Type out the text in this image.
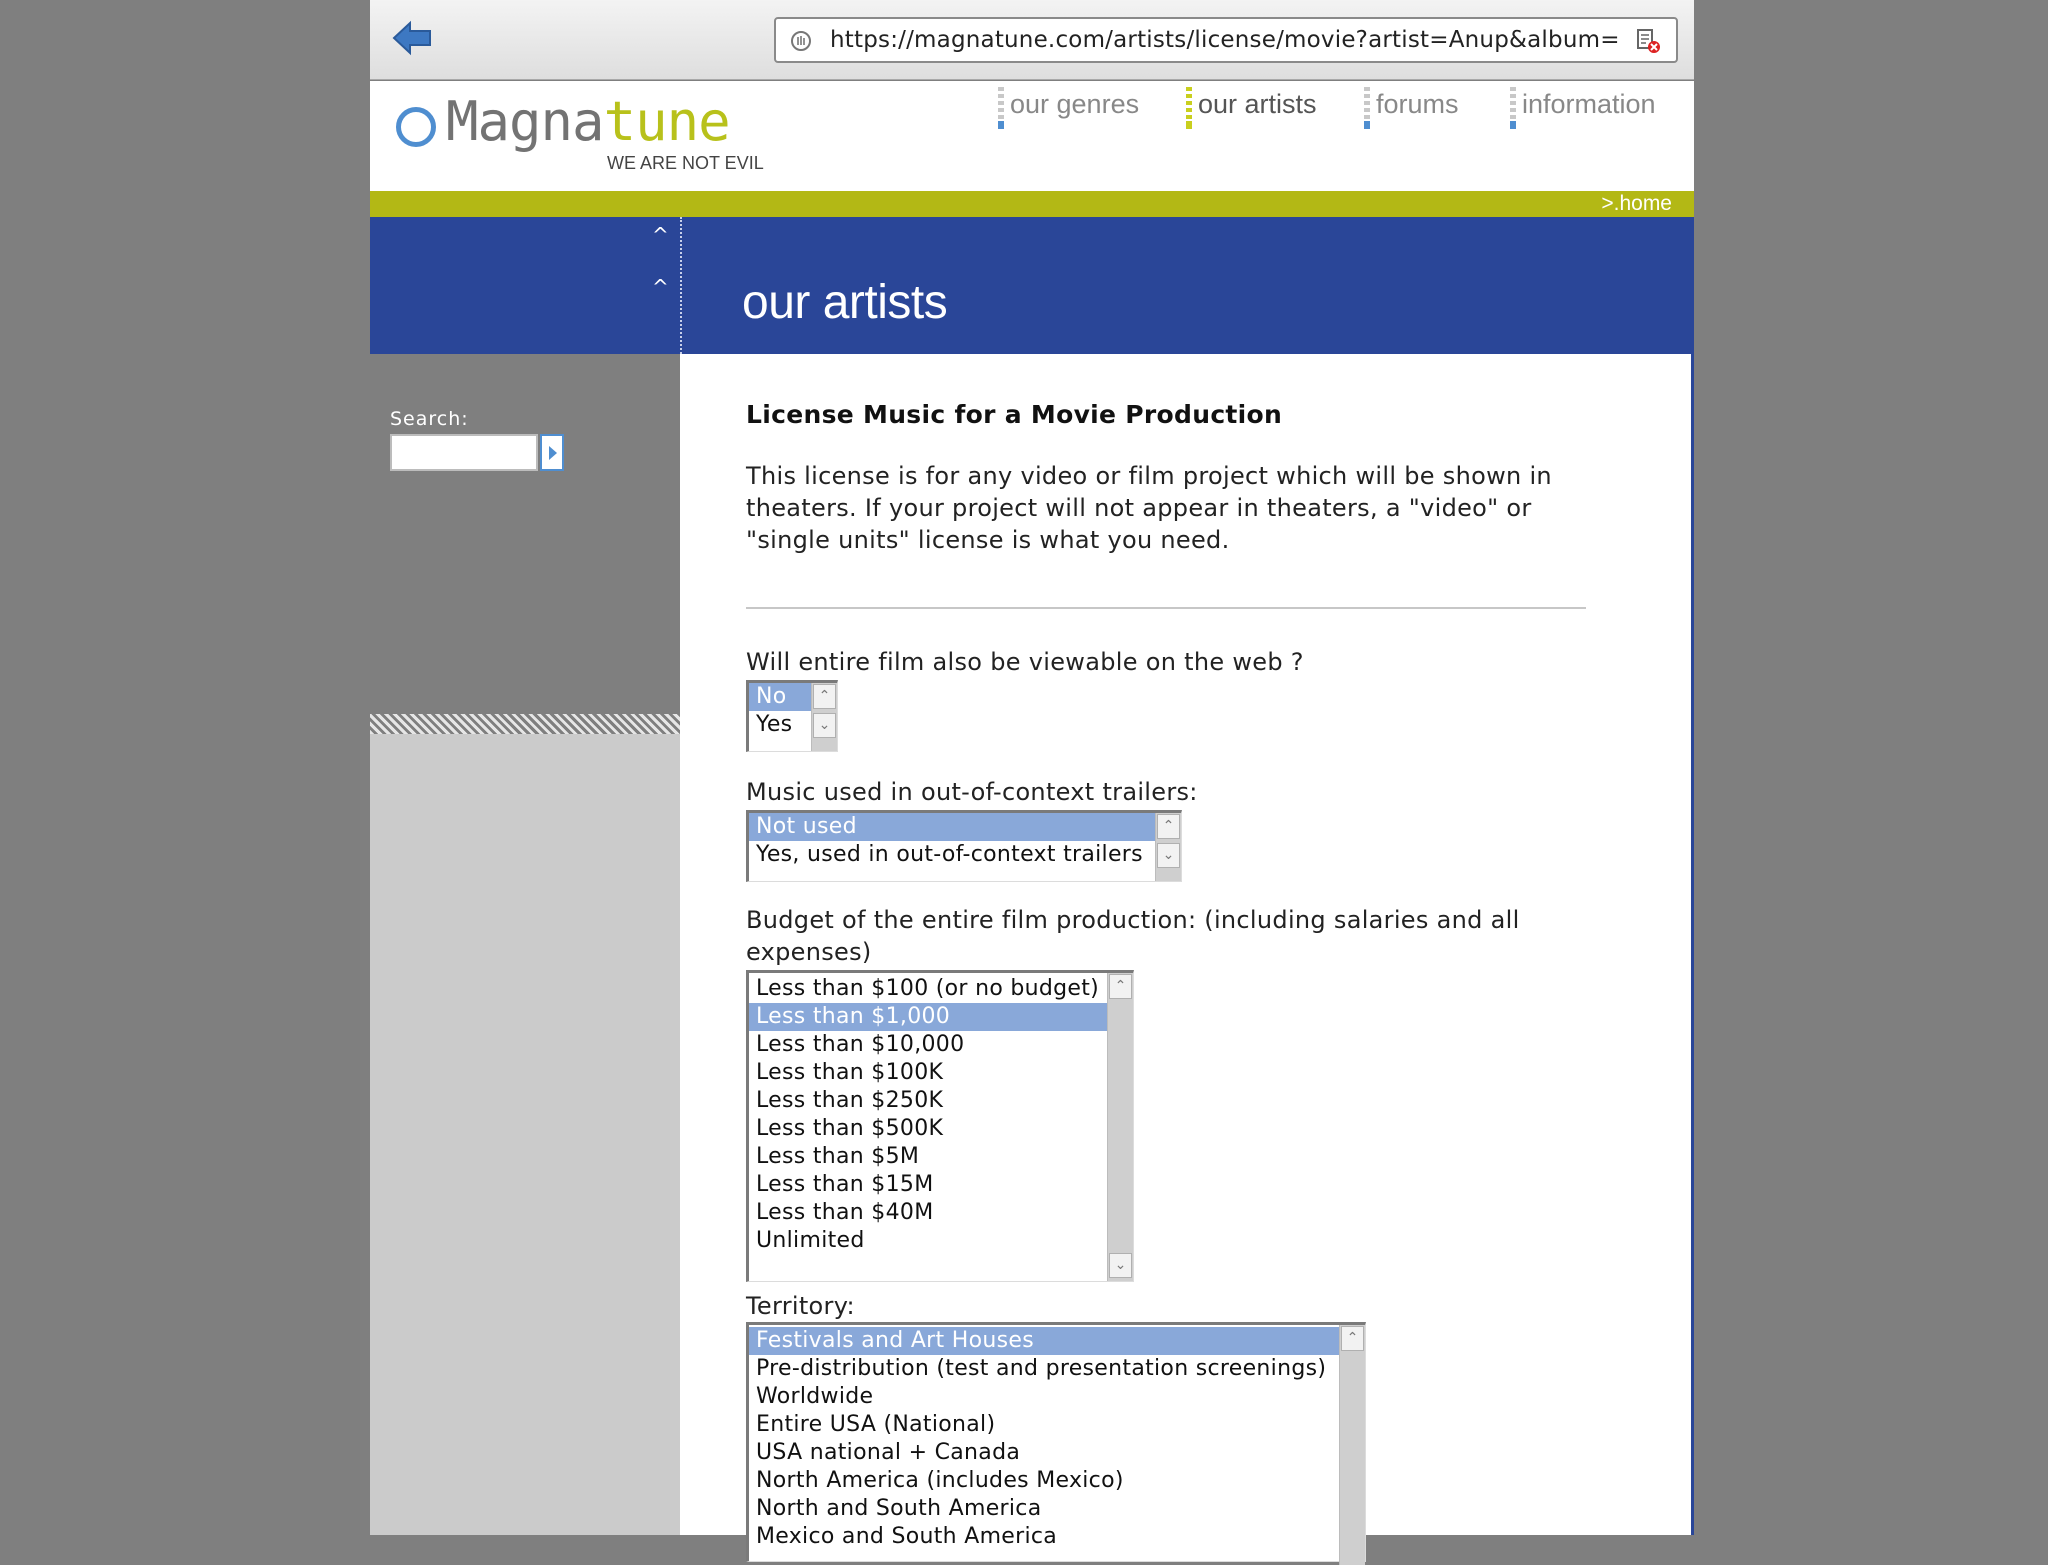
https://magnatune.com/artists/license/movie?artist=Anup&album=
Magnatune
WE ARE NOT EVIL
our genres	our artists	forums	information
>.home
^
^ our artists
Search:	License Music for a Movie Production
This license is for any video or film project which will be shown in theaters. If your project will not appear in theaters, a "video" or "single units" license is what you need.
Will entire film also be viewable on the web ?
No
Yes
⌃
⌄
Music used in out-of-context trailers:
Not used
Yes, used in out-of-context trailers
⌃
⌄
Budget of the entire film production: (including salaries and all expenses)
Less than $100 (or no budget)
Less than $1,000
Less than $10,000
Less than $100K
Less than $250K
Less than $500K
Less than $5M
Less than $15M
Less than $40M
Unlimited
⌃
⌄
Territory:
Festivals and Art Houses
Pre-distribution (test and presentation screenings)
Worldwide
Entire USA (National)
USA national + Canada
North America (includes Mexico)
North and South America
Mexico and South America
⌃
